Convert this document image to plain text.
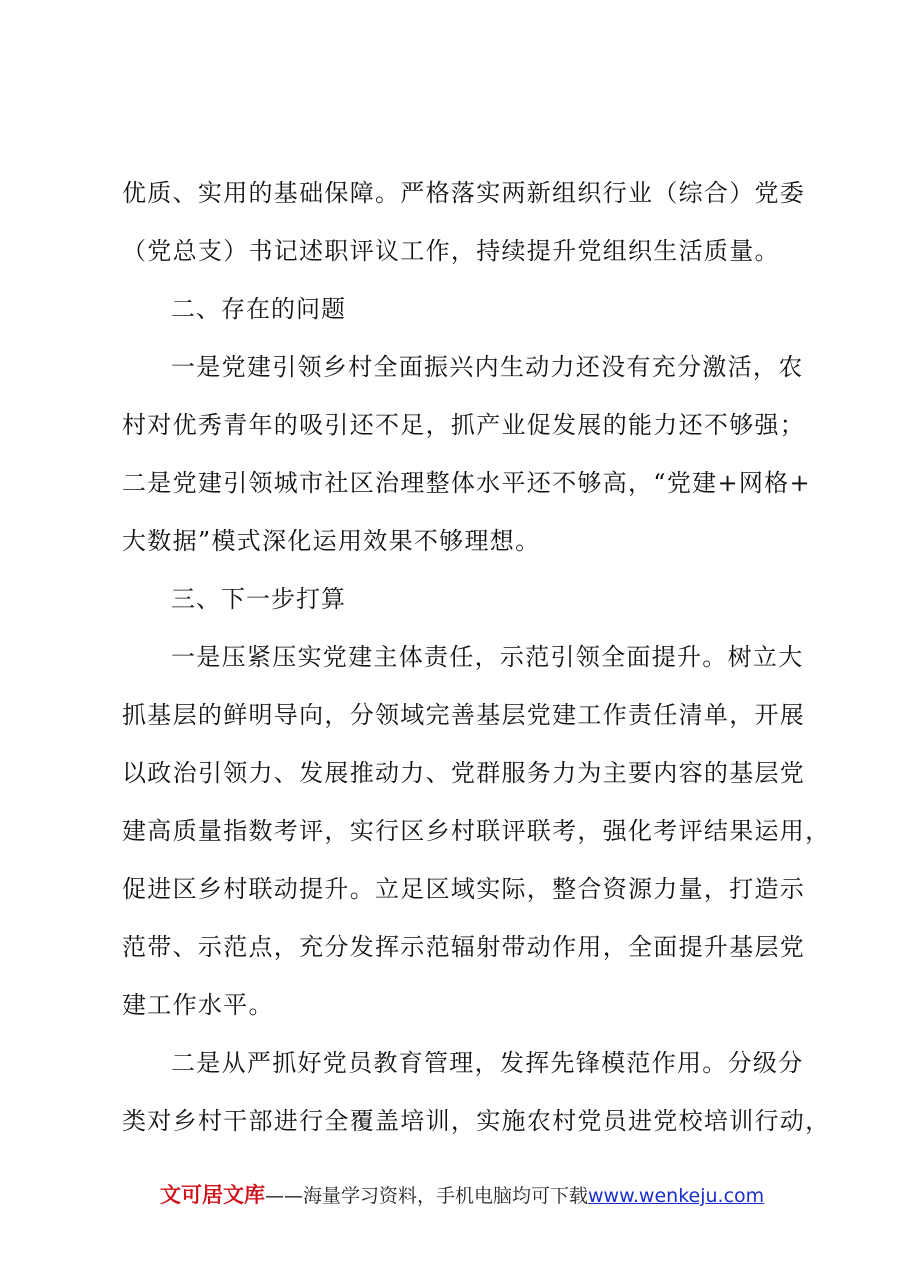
优质、实用的基础保障。严格落实两新组织行业（综合）党委
（党总支）书记述职评议工作，持续提升党组织生活质量。

二、存在的问题

一是党建引领乡村全面振兴内生动力还没有充分激活，农
村对优秀青年的吸引还不足，抓产业促发展的能力还不够强；
二是党建引领城市社区治理整体水平还不够高，“党建+网格+
大数据”模式深化运用效果不够理想。

三、下一步打算

一是压紧压实党建主体责任，示范引领全面提升。树立大
抓基层的鲜明导向，分领域完善基层党建工作责任清单，开展
以政治引领力、发展推动力、党群服务力为主要内容的基层党
建高质量指数考评，实行区乡村联评联考，强化考评结果运用，
促进区乡村联动提升。立足区域实际，整合资源力量，打造示
范带、示范点，充分发挥示范辐射带动作用，全面提升基层党
建工作水平。

二是从严抓好党员教育管理，发挥先锋模范作用。分级分
类对乡村干部进行全覆盖培训，实施农村党员进党校培训行动，

文可居文库——海量学习资料，手机电脑均可下载www.wenkeju.com
